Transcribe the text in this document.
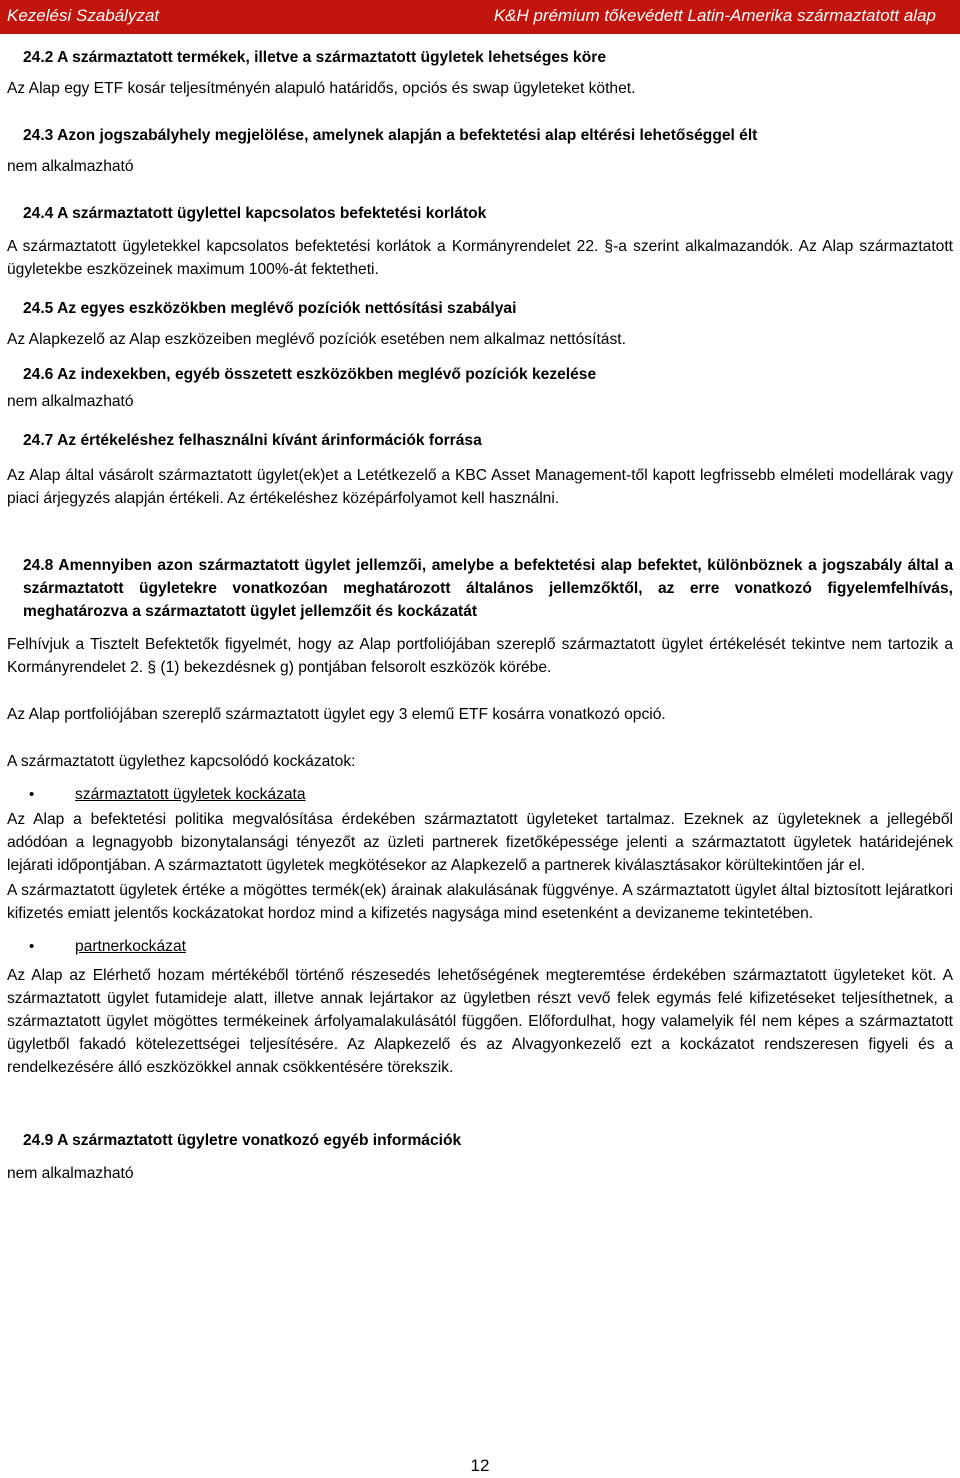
Kezelési Szabályzat	K&H prémium tőkevédett Latin-Amerika származtatott alap

24.2 A származtatott termékek, illetve a származtatott ügyletek lehetséges köre

Az Alap egy ETF kosár teljesítményén alapuló határidős, opciós és swap ügyleteket köthet.

24.3 Azon jogszabályhely megjelölése, amelynek alapján a befektetési alap eltérési lehetőséggel élt

nem alkalmazható

24.4 A származtatott ügylettel kapcsolatos befektetési korlátok

A származtatott ügyletekkel kapcsolatos befektetési korlátok a Kormányrendelet 22. §-a szerint alkalmazandók. Az Alap származtatott ügyletekbe eszközeinek maximum 100%-át fektetheti.

24.5 Az egyes eszközökben meglévő pozíciók nettósítási szabályai

Az Alapkezelő az Alap eszközeiben meglévő pozíciók esetében nem alkalmaz nettósítást.

24.6 Az indexekben, egyéb összetett eszközökben meglévő pozíciók kezelése

nem alkalmazható

24.7 Az értékeléshez felhasználni kívánt árinformációk forrása

Az Alap által vásárolt származtatott ügylet(ek)et a Letétkezelő a KBC Asset Management-től kapott legfrissebb elméleti modellárak vagy piaci árjegyzés alapján értékeli. Az értékeléshez középárfolyamot kell használni.

24.8 Amennyiben azon származtatott ügylet jellemzői, amelybe a befektetési alap befektet, különböznek a jogszabály által a származtatott ügyletekre vonatkozóan meghatározott általános jellemzőktől, az erre vonatkozó figyelemfelhívás, meghatározva a származtatott ügylet jellemzőit és kockázatát

Felhívjuk a Tisztelt Befektetők figyelmét, hogy az Alap portfoliójában szereplő származtatott ügylet értékelését tekintve nem tartozik a Kormányrendelet 2. § (1) bekezdésnek g) pontjában felsorolt eszközök körébe.

Az Alap portfoliójában szereplő származtatott ügylet egy 3 elemű ETF kosárra vonatkozó opció.

A származtatott ügylethez kapcsolódó kockázatok:

•	származtatott ügyletek kockázata

Az Alap a befektetési politika megvalósítása érdekében származtatott ügyleteket tartalmaz. Ezeknek az ügyleteknek a jellegéből adódóan a legnagyobb bizonytalansági tényezőt az üzleti partnerek fizetőképessége jelenti a származtatott ügyletek határidejének lejárati időpontjában. A származtatott ügyletek megkötésekor az Alapkezelő a partnerek kiválasztásakor körültekintően jár el.

A származtatott ügyletek értéke a mögöttes termék(ek) árainak alakulásának függvénye. A származtatott ügylet által biztosított lejáratkori kifizetés emiatt jelentős kockázatokat hordoz mind a kifizetés nagysága mind esetenként a devizaneme tekintetében.

•	partnerkockázat

Az Alap az Elérhető hozam mértékéből történő részesedés lehetőségének megteremtése érdekében származtatott ügyleteket köt. A származtatott ügylet futamideje alatt, illetve annak lejártakor az ügyletben részt vevő felek egymás felé kifizetéseket teljesíthetnek, a származtatott ügylet mögöttes termékeinek árfolyamalakulásától függően. Előfordulhat, hogy valamelyik fél nem képes a származtatott ügyletből fakadó kötelezettségei teljesítésére. Az Alapkezelő és az Alvagyonkezelő ezt a kockázatot rendszeresen figyeli és a rendelkezésére álló eszközökkel annak csökkentésére törekszik.

24.9 A származtatott ügyletre vonatkozó egyéb információk

nem alkalmazható

12
